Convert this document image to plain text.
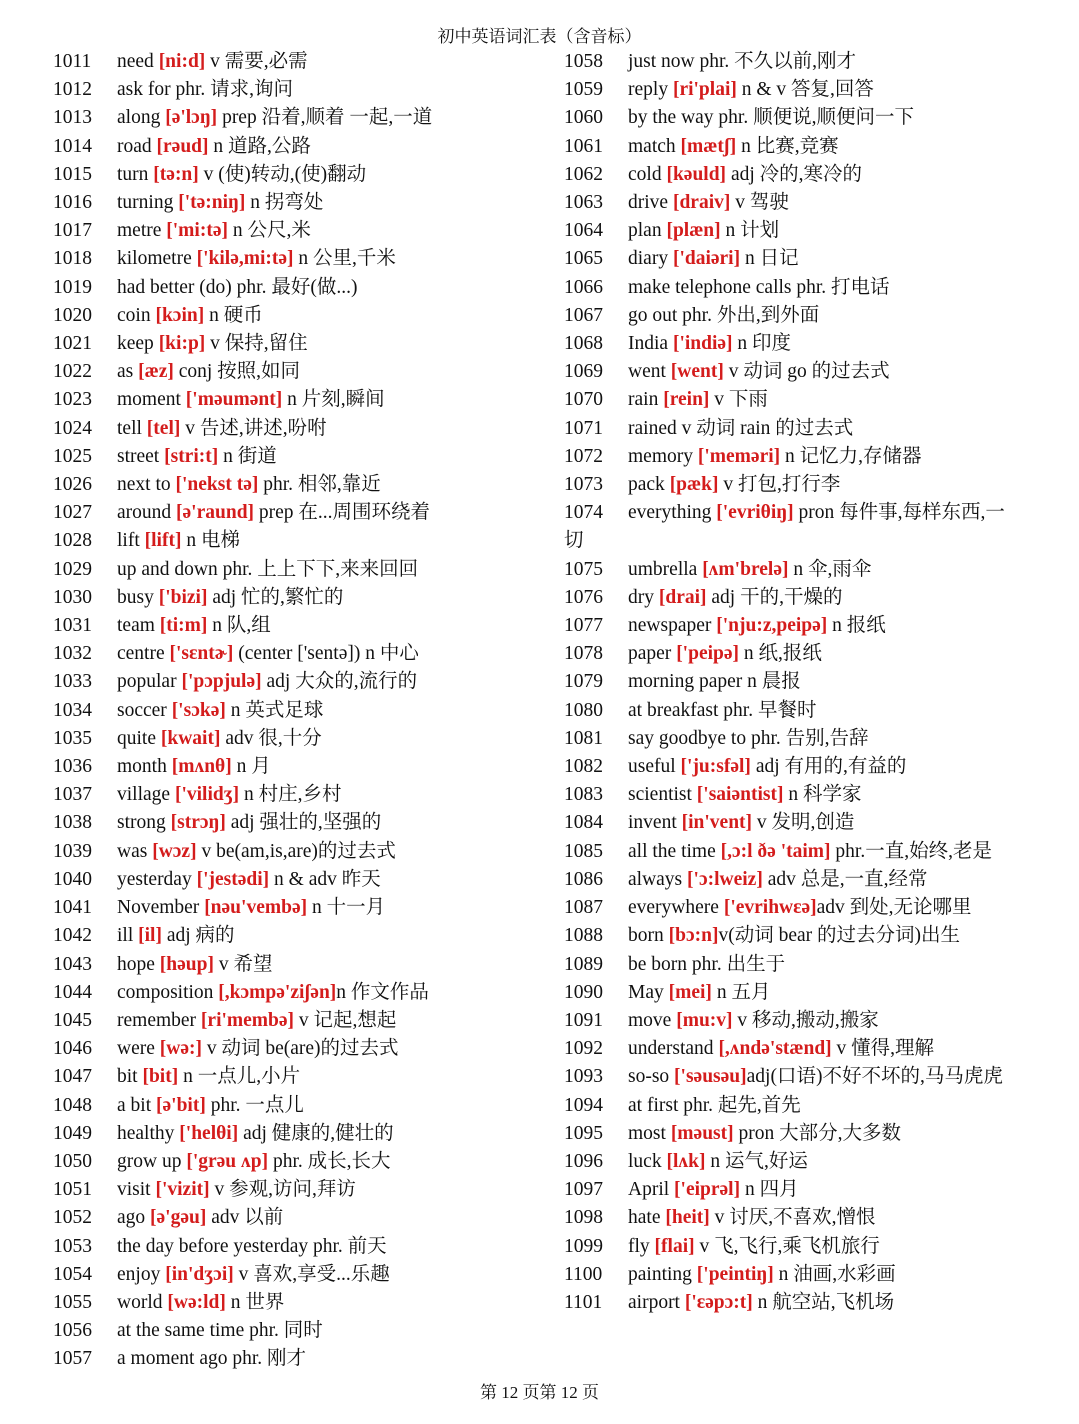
初中英语词汇表（含音标）
1011 need [ni:d] v 需要,必需
1012 ask for phr. 请求,询问
1013 along [ə'lɔŋ] prep 沿着,顺着 一起,一道
1014 road [rəud] n 道路,公路
1015 turn [tə:n] v (使)转动,(使)翻动
1016 turning ['tə:niŋ] n 拐弯处
1017 metre ['mi:tə] n 公尺,米
1018 kilometre ['kilə,mi:tə] n 公里,千米
1019 had better (do) phr. 最好(做...)
1020 coin [kɔin] n 硬币
1021 keep [ki:p] v 保持,留住
1022 as [æz] conj 按照,如同
1023 moment ['məumənt] n 片刻,瞬间
1024 tell [tel] v 告述,讲述,吩咐
1025 street [stri:t] n 街道
1026 next to ['nekst tə] phr. 相邻,靠近
1027 around [ə'raund] prep 在...周围环绕着
1028 lift [lift] n 电梯
1029 up and down phr. 上上下下,来来回回
1030 busy ['bizi] adj 忙的,繁忙的
1031 team [ti:m] n 队,组
1032 centre ['sɛntɚ] (center ['sentə]) n 中心
1033 popular ['pɔpjulə] adj 大众的,流行的
1034 soccer ['sɔkə] n 英式足球
1035 quite [kwait] adv 很,十分
1036 month [mʌnθ] n 月
1037 village ['vilidʒ] n 村庄,乡村
1038 strong [strɔŋ] adj 强壮的,坚强的
1039 was [wɔz] v be(am,is,are)的过去式
1040 yesterday ['jestədi] n & adv 昨天
1041 November [nəu'vembə] n 十一月
1042 ill [il] adj 病的
1043 hope [həup] v 希望
1044 composition [,kɔmpə'ziʃən]n 作文作品
1045 remember [ri'membə] v 记起,想起
1046 were [wə:] v 动词 be(are)的过去式
1047 bit [bit] n 一点儿,小片
1048 a bit [ə'bit] phr. 一点儿
1049 healthy ['helθi] adj 健康的,健壮的
1050 grow up ['grəu ʌp] phr. 成长,长大
1051 visit ['vizit] v 参观,访问,拜访
1052 ago [ə'gəu] adv 以前
1053 the day before yesterday phr. 前天
1054 enjoy [in'dʒɔi] v 喜欢,享受...乐趣
1055 world [wə:ld] n 世界
1056 at the same time phr. 同时
1057 a moment ago phr. 刚才
1058 just now phr. 不久以前,刚才
1059 reply [ri'plai] n & v 答复,回答
1060 by the way phr. 顺便说,顺便问一下
1061 match [mætʃ] n 比赛,竞赛
1062 cold [kəuld] adj 冷的,寒冷的
1063 drive [draiv] v 驾驶
1064 plan [plæn] n 计划
1065 diary ['daiəri] n 日记
1066 make telephone calls phr. 打电话
1067 go out phr. 外出,到外面
1068 India ['indiə] n 印度
1069 went [went] v 动词 go 的过去式
1070 rain [rein] v 下雨
1071 rained v 动词 rain 的过去式
1072 memory ['meməri] n 记忆力,存储器
1073 pack [pæk] v 打包,打行李
1074 everything ['evriθiŋ] pron 每件事,每样东西,一切
1075 umbrella [ʌm'brelə] n 伞,雨伞
1076 dry [drai] adj 干的,干燥的
1077 newspaper ['nju:z,peipə] n 报纸
1078 paper ['peipə] n 纸,报纸
1079 morning paper n 晨报
1080 at breakfast phr. 早餐时
1081 say goodbye to phr. 告别,告辞
1082 useful ['ju:sfəl] adj 有用的,有益的
1083 scientist ['saiəntist] n 科学家
1084 invent [in'vent] v 发明,创造
1085 all the time [,ɔ:l ðə 'taim] phr.一直,始终,老是
1086 always ['ɔ:lweiz] adv 总是,一直,经常
1087 everywhere ['evrihwɛə]adv 到处,无论哪里
1088 born [bɔ:n]v(动词 bear 的过去分词)出生
1089 be born phr. 出生于
1090 May [mei] n 五月
1091 move [mu:v] v 移动,搬动,搬家
1092 understand [,ʌndə'stænd] v 懂得,理解
1093 so-so ['səusəu]adj(口语)不好不坏的,马马虎虎
1094 at first phr. 起先,首先
1095 most [məust] pron 大部分,大多数
1096 luck [lʌk] n 运气,好运
1097 April ['eiprəl] n 四月
1098 hate [heit] v 讨厌,不喜欢,憎恨
1099 fly [flai] v 飞,飞行,乘飞机旅行
1100 painting ['peintiŋ] n 油画,水彩画
1101 airport ['ɛəpɔ:t] n 航空站,飞机场
第 12 页第 12 页
